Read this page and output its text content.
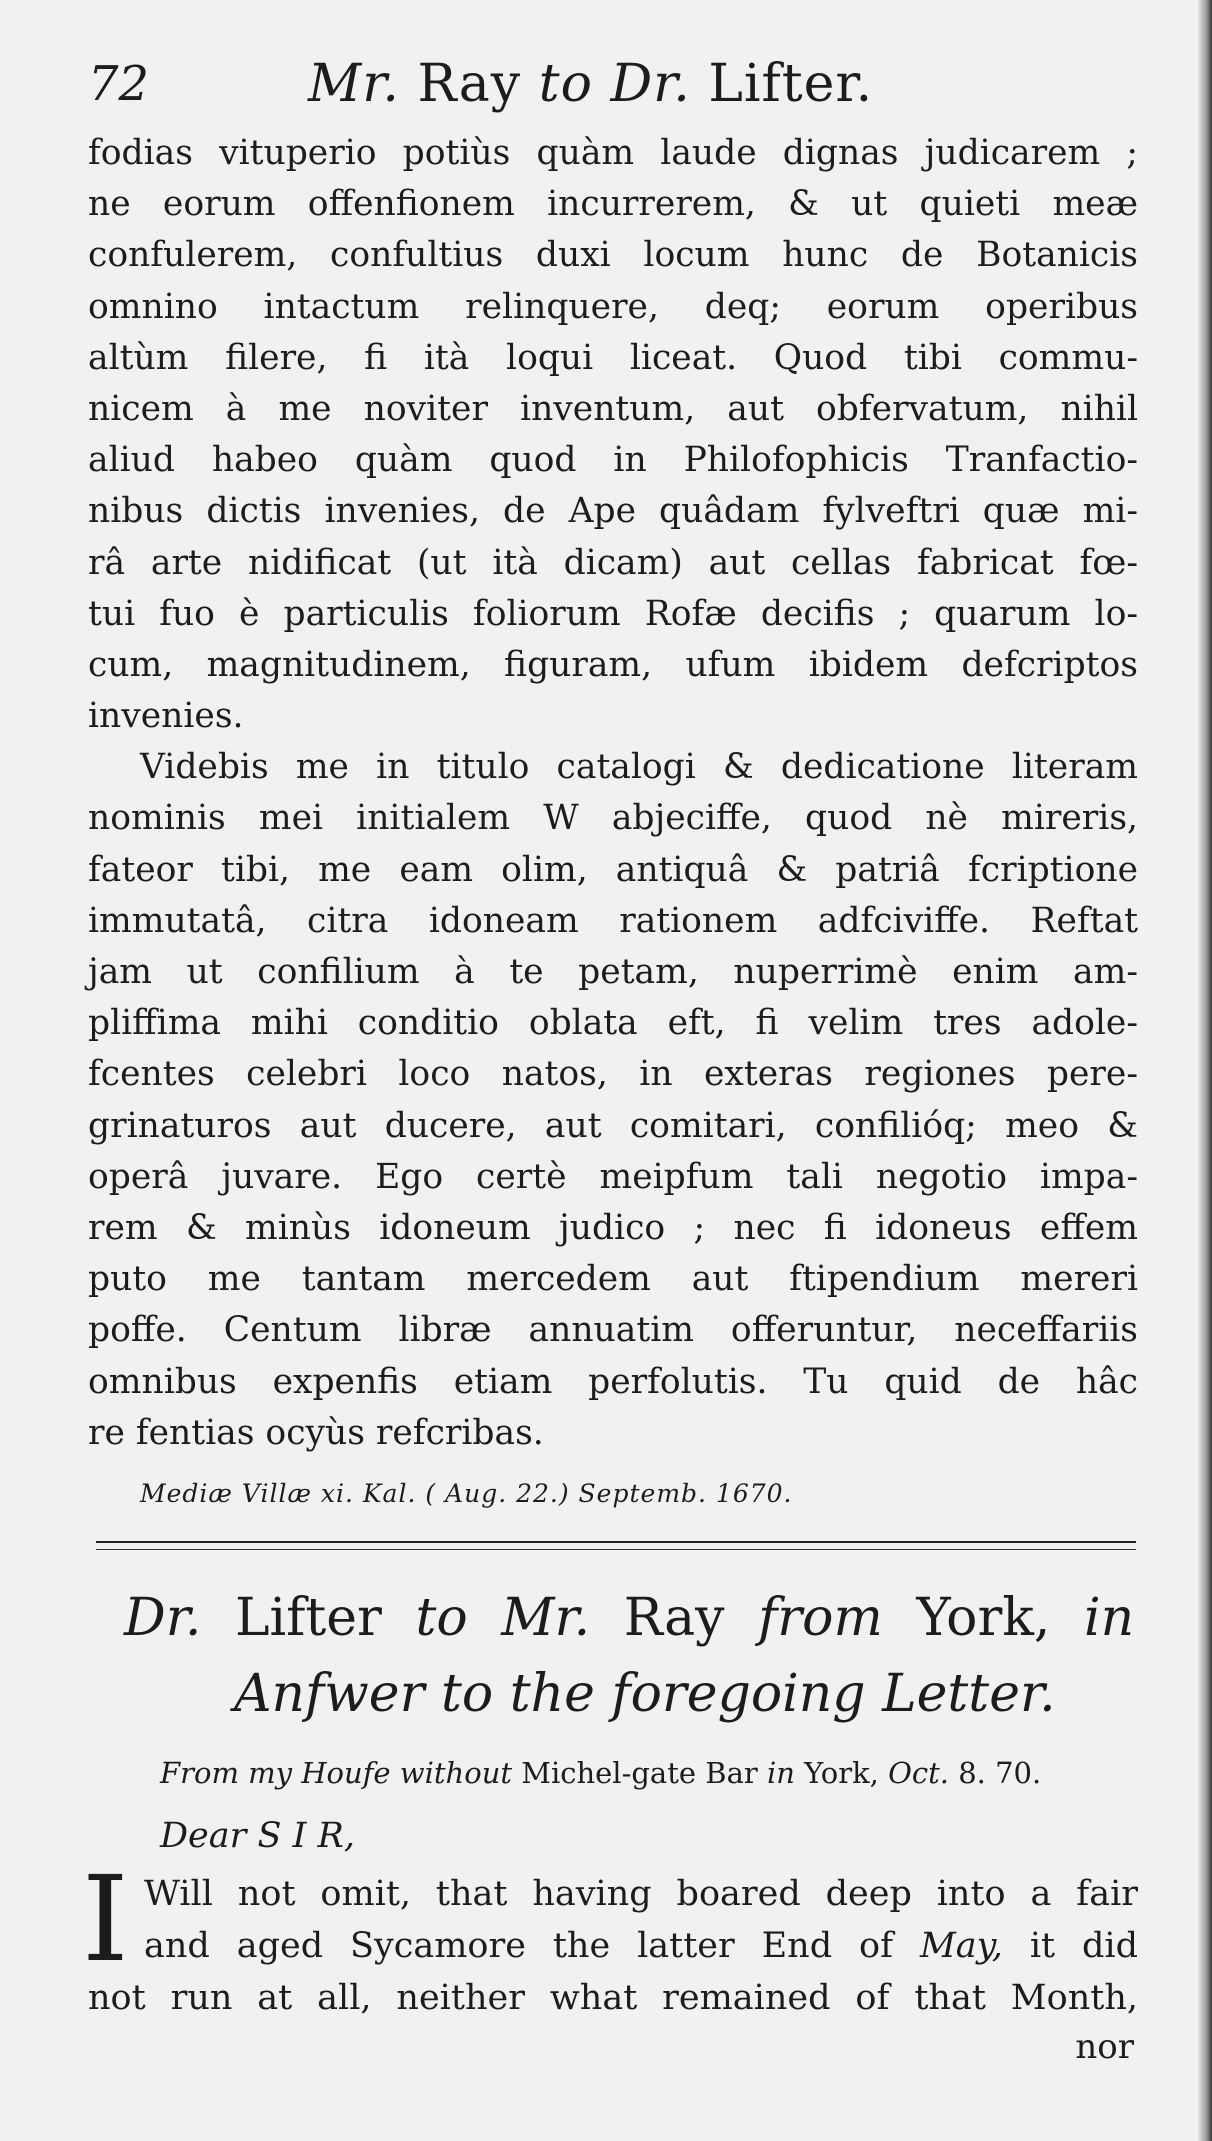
72	Mr. Ray to Dr. Lifter.
fodias vituperio potiùs quàm laude dignas judicarem ;
ne eorum offenfionem incurrerem, & ut quieti meæ
confulerem, confultius duxi locum hunc de Botanicis
omnino intactum relinquere, deq; eorum operibus
altùm filere, fi ità loqui liceat. Quod tibi commu-
nicem à me noviter inventum, aut obfervatum, nihil
aliud habeo quàm quod in Philofophicis Tranfactio-
nibus dictis invenies, de Ape quâdam fylveftri quæ mi-
râ arte nidificat (ut ità dicam) aut cellas fabricat fœ-
tui fuo è particulis foliorum Rofæ decifis ; quarum lo-
cum, magnitudinem, figuram, ufum ibidem defcriptos
invenies.
Videbis me in titulo catalogi & dedicatione literam
nominis mei initialem W abjeciffe, quod nè mireris,
fateor tibi, me eam olim, antiquâ & patriâ fcriptione
immutatâ, citra idoneam rationem adfciviffe. Reftat
jam ut confilium à te petam, nuperrimè enim am-
pliffima mihi conditio oblata eft, fi velim tres adole-
fcentes celebri loco natos, in exteras regiones pere-
grinaturos aut ducere, aut comitari, confilióq; meo &
operâ juvare. Ego certè meipfum tali negotio impa-
rem & minùs idoneum judico ; nec fi idoneus effem
puto me tantam mercedem aut ftipendium mereri
poffe. Centum libræ annuatim offeruntur, neceffariis
omnibus expenfis etiam perfolutis. Tu quid de hâc
re fentias ocyùs refcribas.
Mediæ Villæ xi. Kal. ( Aug. 22.) Septemb. 1670.
Dr. Lifter to Mr. Ray from York, in
Anfwer to the foregoing Letter.
From my Houfe without Michel-gate Bar in York, Oct. 8. 70.
Dear S I R,
I Will not omit, that having boared deep into a fair
and aged Sycamore the latter End of May, it did
not run at all, neither what remained of that Month,
nor
